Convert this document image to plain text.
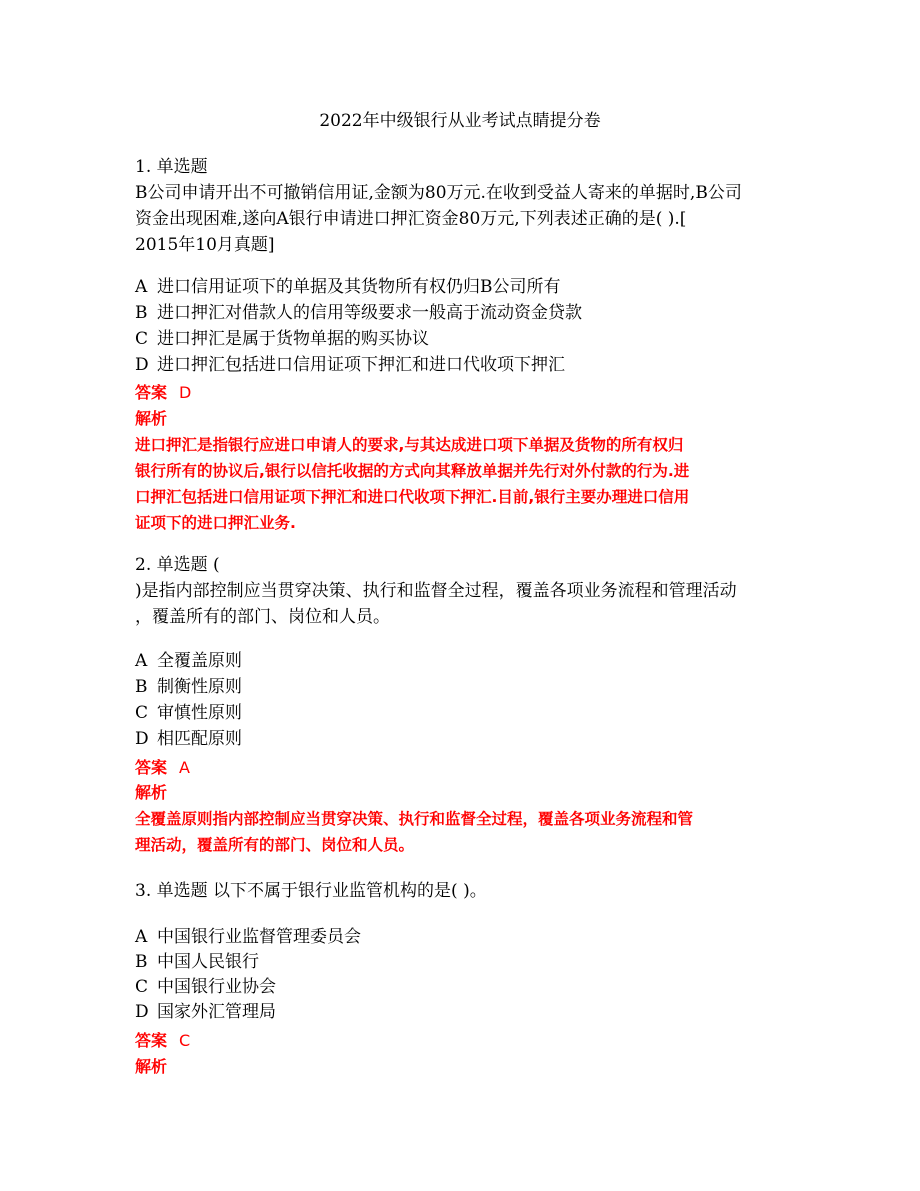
2022年中级银行从业考试点睛提分卷
1. 单选题
B公司申请开出不可撤销信用证,金额为80万元.在收到受益人寄来的单据时,B公司
资金出现困难,遂向A银行申请进口押汇资金80万元,下列表述正确的是( ).[
2015年10月真题]
A 进口信用证项下的单据及其货物所有权仍归B公司所有
B 进口押汇对借款人的信用等级要求一般高于流动资金贷款
C 进口押汇是属于货物单据的购买协议
D 进口押汇包括进口信用证项下押汇和进口代收项下押汇
答案 D
解析
进口押汇是指银行应进口申请人的要求,与其达成进口项下单据及货物的所有权归
银行所有的协议后,银行以信托收据的方式向其释放单据并先行对外付款的行为.进
口押汇包括进口信用证项下押汇和进口代收项下押汇.目前,银行主要办理进口信用
证项下的进口押汇业务.
2. 单选题 (
)是指内部控制应当贯穿决策、执行和监督全过程，覆盖各项业务流程和管理活动
，覆盖所有的部门、岗位和人员。
A 全覆盖原则
B 制衡性原则
C 审慎性原则
D 相匹配原则
答案 A
解析
全覆盖原则指内部控制应当贯穿决策、执行和监督全过程，覆盖各项业务流程和管
理活动，覆盖所有的部门、岗位和人员。
3. 单选题 以下不属于银行业监管机构的是( )。
A 中国银行业监督管理委员会
B 中国人民银行
C 中国银行业协会
D 国家外汇管理局
答案 C
解析
